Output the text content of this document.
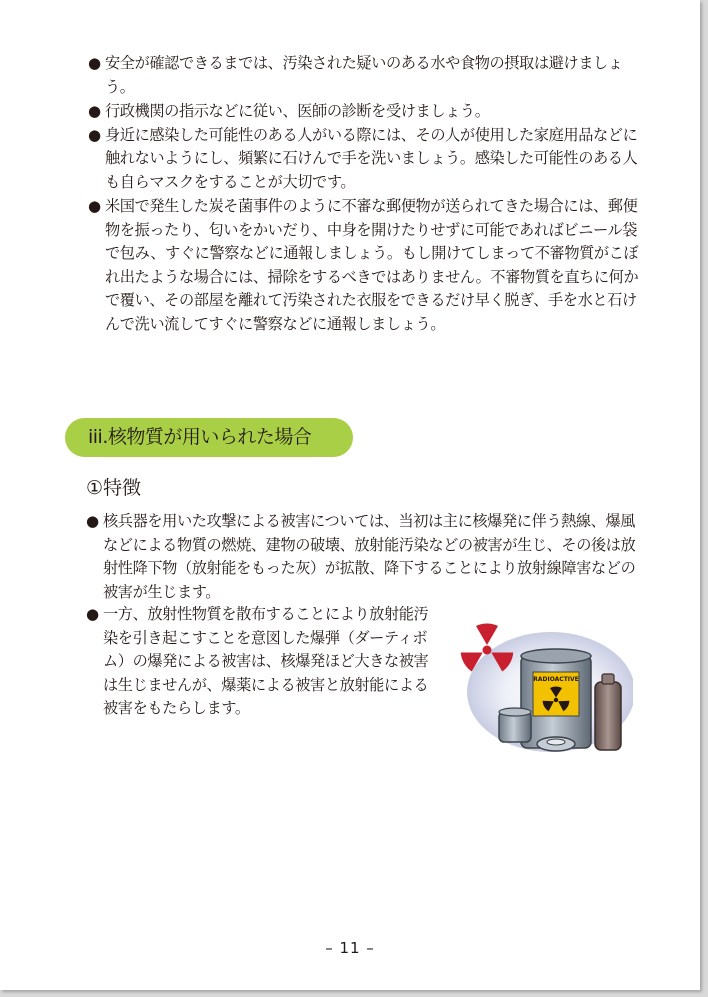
● 安全が確認できるまでは、汚染された疑いのある水や食物の摂取は避けましょう。
● 行政機関の指示などに従い、医師の診断を受けましょう。
● 身近に感染した可能性のある人がいる際には、その人が使用した家庭用品などに触れないようにし、頻繁に石けんで手を洗いましょう。感染した可能性のある人も自らマスクをすることが大切です。
● 米国で発生した炭そ菌事件のように不審な郵便物が送られてきた場合には、郵便物を振ったり、匂いをかいだり、中身を開けたりせずに可能であればビニール袋で包み、すぐに警察などに通報しましょう。もし開けてしまって不審物質がこぼれ出たような場合には、掃除をするべきではありません。不審物質を直ちに何かで覆い、その部屋を離れて汚染された衣服をできるだけ早く脱ぎ、手を水と石けんで洗い流してすぐに警察などに通報しましょう。
iii.核物質が用いられた場合
①特徴
● 核兵器を用いた攻撃による被害については、当初は主に核爆発に伴う熱線、爆風などによる物質の燃焼、建物の破壊、放射能汚染などの被害が生じ、その後は放射性降下物（放射能をもった灰）が拡散、降下することにより放射線障害などの被害が生じます。
● 一方、放射性物質を散布することにより放射能汚染を引き起こすことを意図した爆弾（ダーティボム）の爆発による被害は、核爆発ほど大きな被害は生じませんが、爆薬による被害と放射能による被害をもたらします。
RADIOACTIVE
– 11 –
